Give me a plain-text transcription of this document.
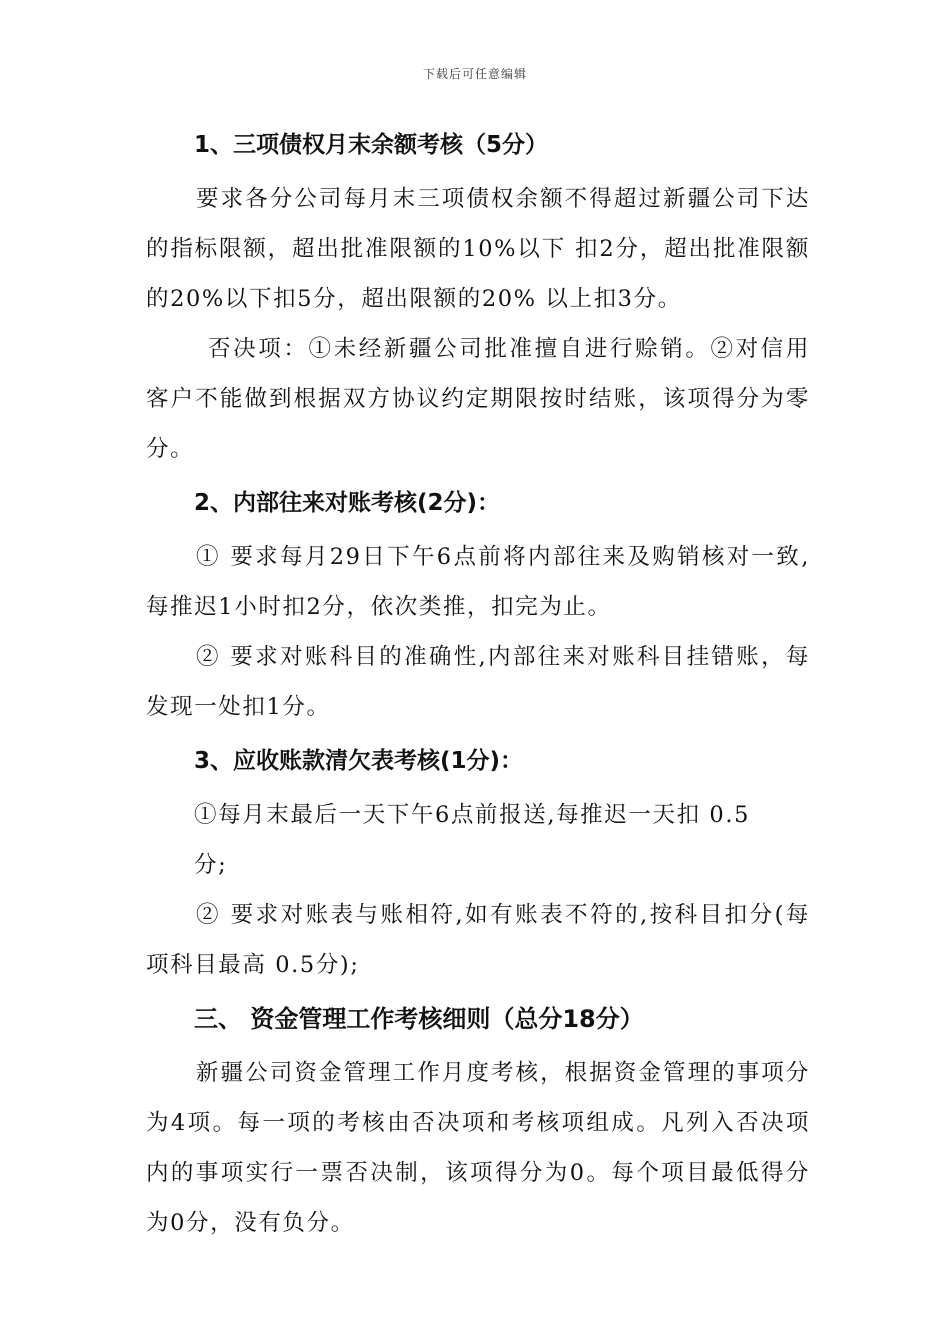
下载后可任意编辑
1、三项债权月末余额考核（5分）

要求各分公司每月末三项债权余额不得超过新疆公司下达的指标限额，超出批准限额的10%以下 扣2分，超出批准限额的20%以下扣5分，超出限额的20% 以上扣3分。

否决项：①未经新疆公司批准擅自进行赊销。②对信用客户不能做到根据双方协议约定期限按时结账，该项得分为零分。

2、内部往来对账考核(2分)：

① 要求每月29日下午6点前将内部往来及购销核对一致,每推迟1小时扣2分，依次类推，扣完为止。

② 要求对账科目的准确性,内部往来对账科目挂错账，每发现一处扣1分。

3、应收账款清欠表考核(1分)：

①每月末最后一天下午6点前报送,每推迟一天扣 0.5

分;

② 要求对账表与账相符,如有账表不符的,按科目扣分(每项科目最高 0.5分);

三、 资金管理工作考核细则（总分18分）

新疆公司资金管理工作月度考核，根据资金管理的事项分为4项。每一项的考核由否决项和考核项组成。凡列入否决项内的事项实行一票否决制，该项得分为0。每个项目最低得分为0分，没有负分。
